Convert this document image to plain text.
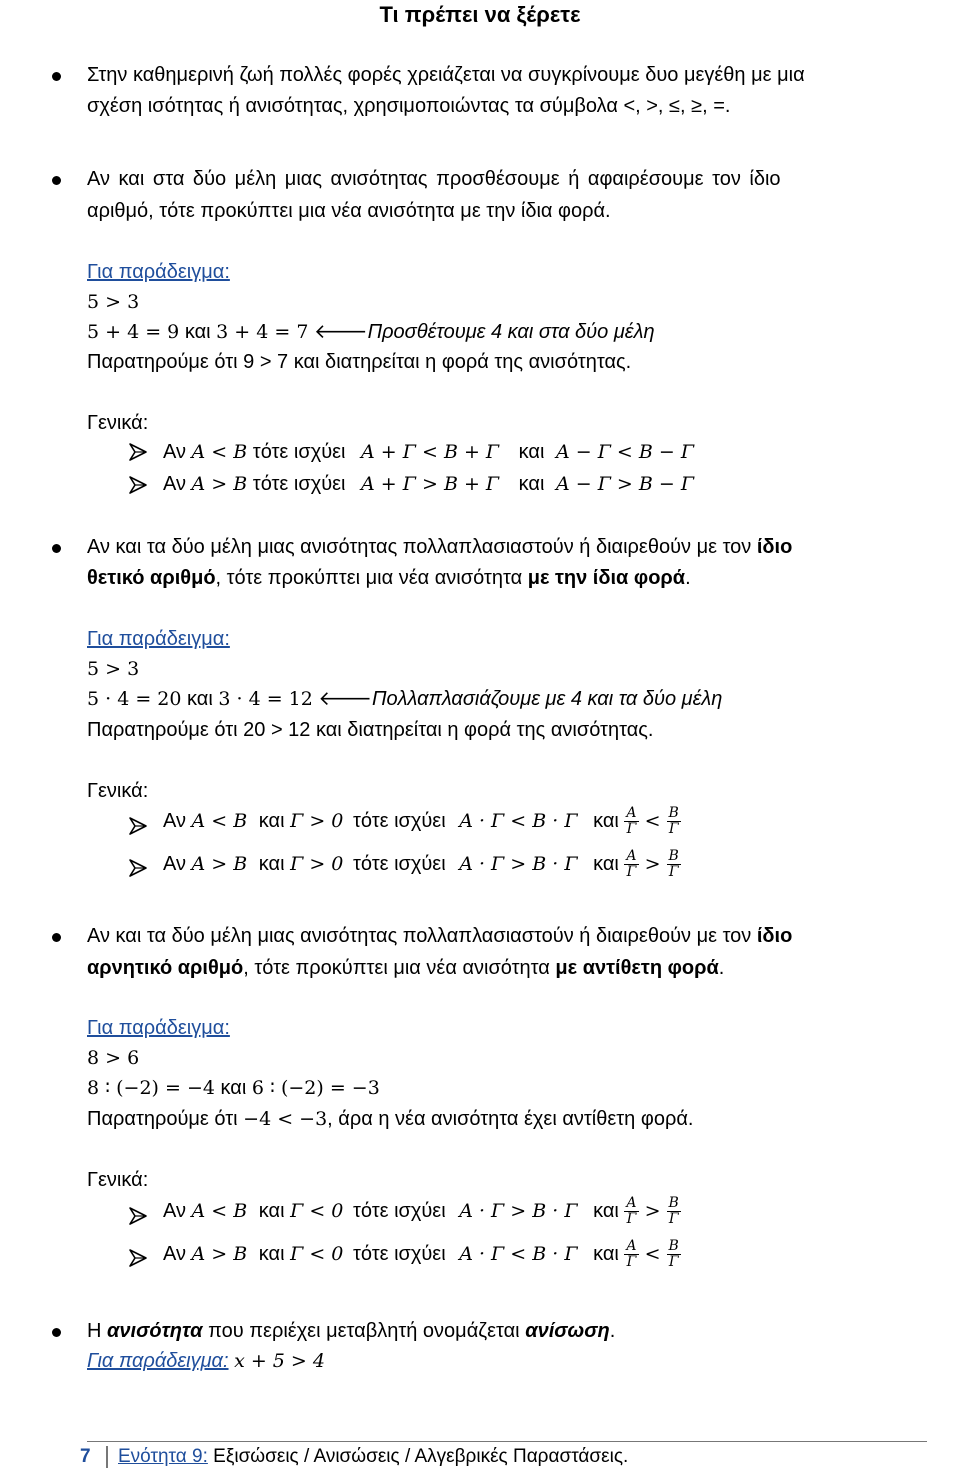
Τι πρέπει να ξέρετε
Στην καθημερινή ζωή πολλές φορές χρειάζεται να συγκρίνουμε δυο μεγέθη με μια
σχέση ισότητας ή ανισότητας, χρησιμοποιώντας τα σύμβολα <, >, ≤, ≥, =.
Αν και στα δύο μέλη μιας ανισότητας προσθέσουμε ή αφαιρέσουμε τον ίδιο
αριθμό, τότε προκύπτει μια νέα ανισότητα με την ίδια φορά.
Για παράδειγμα:
5 > 3
5 + 4 = 9 και 3 + 4 = 7 🡐Προσθέτουμε 4 και στα δύο μέλη
Παρατηρούμε ότι 9 > 7 και διατηρείται η φορά της ανισότητας.
Γενικά:
Αν Α < Β τότε ισχύει Α + Γ < Β + Γ και Α − Γ < Β − Γ
Αν Α > Β τότε ισχύει Α + Γ > Β + Γ και Α − Γ > Β − Γ
Αν και τα δύο μέλη μιας ανισότητας πολλαπλασιαστούν ή διαιρεθούν με τον ίδιο
θετικό αριθμό, τότε προκύπτει μια νέα ανισότητα με την ίδια φορά.
Για παράδειγμα:
5 > 3
5 · 4 = 20 και 3 · 4 = 12 🡐Πολλαπλασιάζουμε με 4 και τα δύο μέλη
Παρατηρούμε ότι 20 > 12 και διατηρείται η φορά της ανισότητας.
Γενικά:
Αν Α < Β και Γ > 0 τότε ισχύει Α · Γ < Β · Γ και $\frac{A}{\Gamma} < \frac{B}{\Gamma}$
Αν Α > Β και Γ > 0 τότε ισχύει Α · Γ > Β · Γ και $\frac{A}{\Gamma} > \frac{B}{\Gamma}$
Αν και τα δύο μέλη μιας ανισότητας πολλαπλασιαστούν ή διαιρεθούν με τον ίδιο
αρνητικό αριθμό, τότε προκύπτει μια νέα ανισότητα με αντίθετη φορά.
Για παράδειγμα:
8 > 6
8 ∶ (−2) = −4 και 6 ∶ (−2) = −3
Παρατηρούμε ότι −4 < −3, άρα η νέα ανισότητα έχει αντίθετη φορά.
Γενικά:
Αν Α < Β και Γ < 0 τότε ισχύει Α · Γ > Β · Γ και $\frac{A}{\Gamma} > \frac{B}{\Gamma}$
Αν Α > Β και Γ < 0 τότε ισχύει Α · Γ < Β · Γ και $\frac{A}{\Gamma} < \frac{B}{\Gamma}$
Η ανισότητα που περιέχει μεταβλητή ονομάζεται ανίσωση.
Για παράδειγμα: x + 5 > 4
7 Ενότητα 9: Εξισώσεις / Ανισώσεις / Αλγεβρικές Παραστάσεις.
